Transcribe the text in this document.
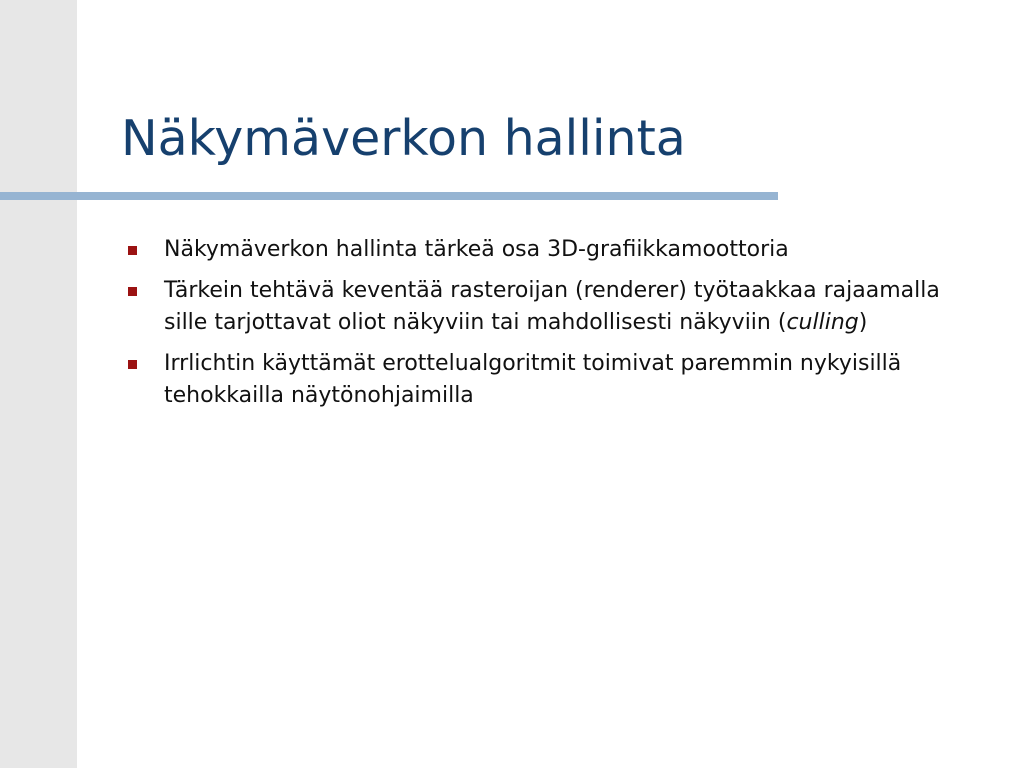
Näkymäverkon hallinta
Näkymäverkon hallinta tärkeä osa 3D-grafiikkamoottoria
Tärkein tehtävä keventää rasteroijan (renderer) työtaakkaa rajaamalla sille tarjottavat oliot näkyviin tai mahdollisesti näkyviin (culling)
Irrlichtin käyttämät erottelualgoritmit toimivat paremmin nykyisillä tehokkailla näytönohjaimilla
